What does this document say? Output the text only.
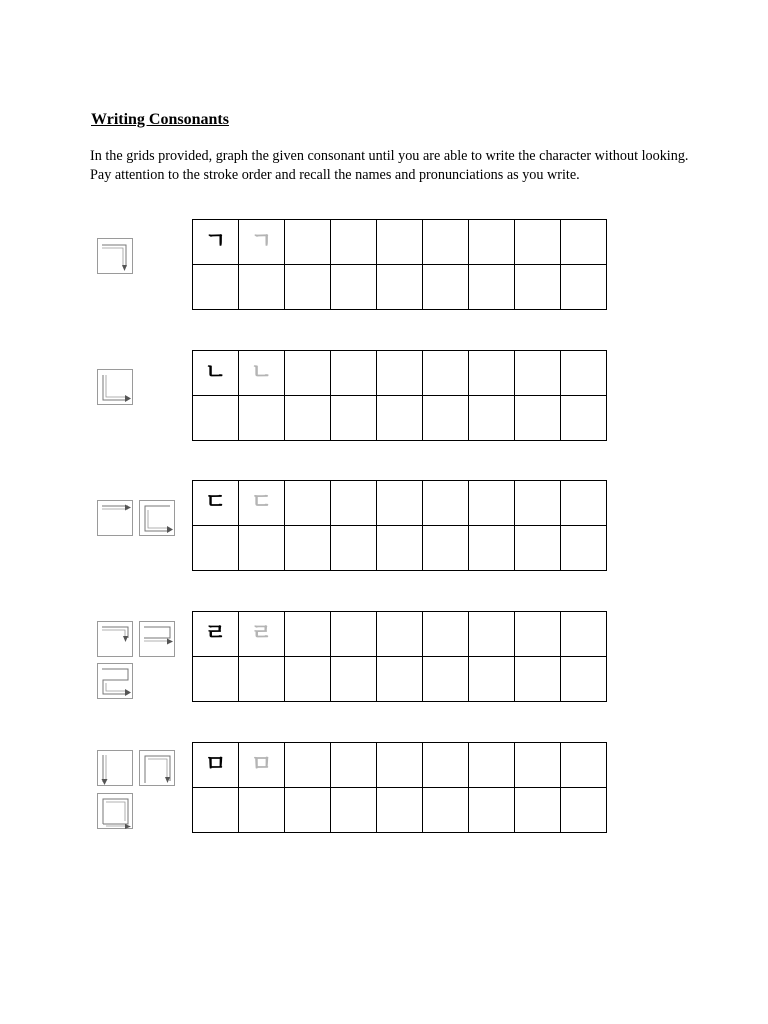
Writing Consonants

In the grids provided, graph the given consonant until you are able to write the character without looking. Pay attention to the stroke order and recall the names and pronunciations as you write.

ㄱ	ㄱ							

ㄴ	ㄴ							

ㄷ	ㄷ							

ㄹ	ㄹ							

ㅁ	ㅁ							
